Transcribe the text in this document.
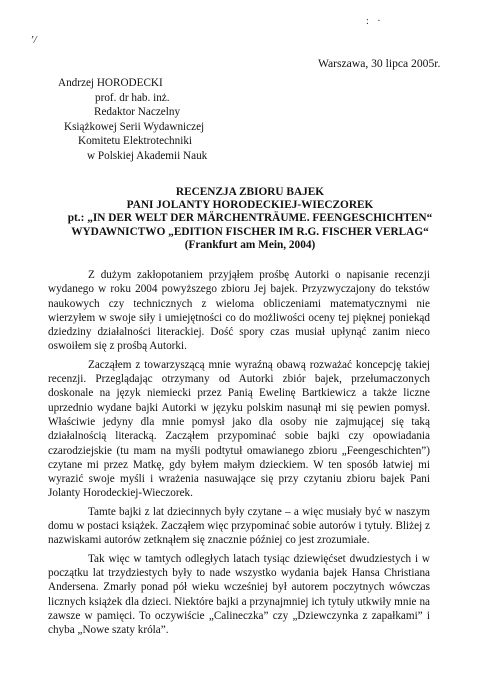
’/
: ·
Warszawa, 30 lipca 2005r.
Andrzej HORODECKI
prof. dr hab. inż.
Redaktor Naczelny
Książkowej Serii Wydawniczej
Komitetu Elektrotechniki
w Polskiej Akademii Nauk
RECENZJA ZBIORU BAJEK
PANI JOLANTY HORODECKIEJ-WIECZOREK
pt.: „IN DER WELT DER MÄRCHENTRÄUME. FEENGESCHICHTEN“
WYDAWNICTWO „EDITION FISCHER IM R.G. FISCHER VERLAG“
(Frankfurt am Mein, 2004)

Z dużym zakłopotaniem przyjąłem prośbę Autorki o napisanie recenzji wydanego w roku 2004 powyższego zbioru Jej bajek. Przyzwyczajony do tekstów naukowych czy technicznych z wieloma obliczeniami matematycznymi nie wierzyłem w swoje siły i umiejętności co do możliwości oceny tej pięknej poniekąd dziedziny działalności literackiej. Dość spory czas musiał upłynąć zanim nieco oswoiłem się z prośbą Autorki.

Zacząłem z towarzyszącą mnie wyraźną obawą rozważać koncepcję takiej recenzji. Przeglądając otrzymany od Autorki zbiór bajek, przełumaczonych doskonale na język niemiecki przez Panią Ewelinę Bartkiewicz a także liczne uprzednio wydane bajki Autorki w języku polskim nasunął mi się pewien pomysł. Właściwie jedyny dla mnie pomysł jako dla osoby nie zajmującej się taką działalnością literacką. Zacząłem przypominać sobie bajki czy opowiadania czarodziejskie (tu mam na myśli podtytuł omawianego zbioru „Feengeschichten”) czytane mi przez Matkę, gdy byłem małym dzieckiem. W ten sposób łatwiej mi wyrazić swoje myśli i wrażenia nasuwające się przy czytaniu zbioru bajek Pani Jolanty Horodeckiej-Wieczorek.

Tamte bajki z lat dziecinnych były czytane – a więc musiały być w naszym domu w postaci książek. Zacząłem więc przypominać sobie autorów i tytuły. Bliżej z nazwiskami autorów zetknąłem się znacznie później co jest zrozumiałe.

Tak więc w tamtych odległych latach tysiąc dziewięćset dwudziestych i w początku lat trzydziestych były to nade wszystko wydania bajek Hansa Christiana Andersena. Zmarły ponad pół wieku wcześniej był autorem poczytnych wówczas licznych książek dla dzieci. Niektóre bajki a przynajmniej ich tytuły utkwiły mnie na zawsze w pamięci. To oczywiście „Calineczka” czy „Dziewczynka z zapałkami” i chyba „Nowe szaty króla”.
